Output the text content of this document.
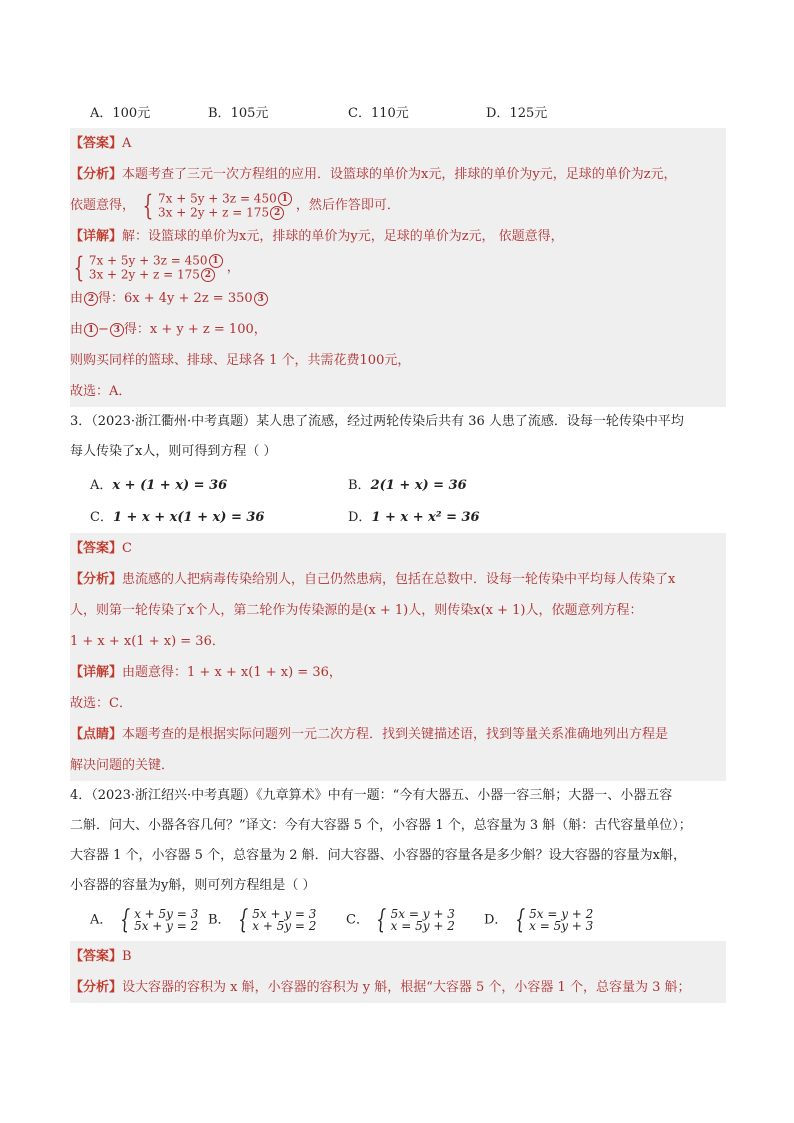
A．100元	B．105元	C．110元	D．125元
【答案】A
【分析】本题考查了三元一次方程组的应用．设篮球的单价为x元，排球的单价为y元，足球的单价为z元，
依题意得， { 7x + 5y + 3z = 450 1
3x + 2y + z = 175 2	，然后作答即可．
【详解】解：设篮球的单价为x元，排球的单价为y元，足球的单价为z元， 依题意得，
{ 7x + 5y + 3z = 450 1
3x + 2y + z = 175 2	，
由 2 得：6x + 4y + 2z = 350 3
由 1 − 3 得：x + y + z = 100，
则购买同样的篮球、排球、足球各 1 个，共需花费100元，
故选：A．
3．（2023·浙江衢州·中考真题）某人患了流感，经过两轮传染后共有 36 人患了流感．设每一轮传染中平均
每人传染了x人，则可得到方程（ ）
A．x + (1 + x) = 36	B．2(1 + x) = 36
C．1 + x + x(1 + x) = 36	D．1 + x + x² = 36
【答案】C
【分析】患流感的人把病毒传染给别人，自己仍然患病，包括在总数中．设每一轮传染中平均每人传染了x
人，则第一轮传染了x个人，第二轮作为传染源的是(x + 1)人，则传染x(x + 1)人，依题意列方程：
1 + x + x(1 + x) = 36．
【详解】由题意得：1 + x + x(1 + x) = 36，
故选：C．
【点睛】本题考查的是根据实际问题列一元二次方程．找到关键描述语，找到等量关系准确地列出方程是
解决问题的关键．
4．（2023·浙江绍兴·中考真题）《九章算术》中有一题：“今有大器五、小器一容三斛；大器一、小器五容
二斛．问大、小器各容几何？”译文：今有大容器 5 个，小容器 1 个，总容量为 3 斛（斛：古代容量单位）；
大容器 1 个，小容器 5 个，总容量为 2 斛．问大容器、小容器的容量各是多少斛？设大容器的容量为x斛，
小容器的容量为y斛，则可列方程组是（ ）
A． { x + 5y = 3
5x + y = 2 B． { 5x + y = 3
x + 5y = 2 C． { 5x = y + 3
x = 5y + 2 D． { 5x = y + 2
x = 5y + 3
【答案】B
【分析】设大容器的容积为 x 斛，小容器的容积为 y 斛，根据“大容器 5 个，小容器 1 个，总容量为 3 斛；
